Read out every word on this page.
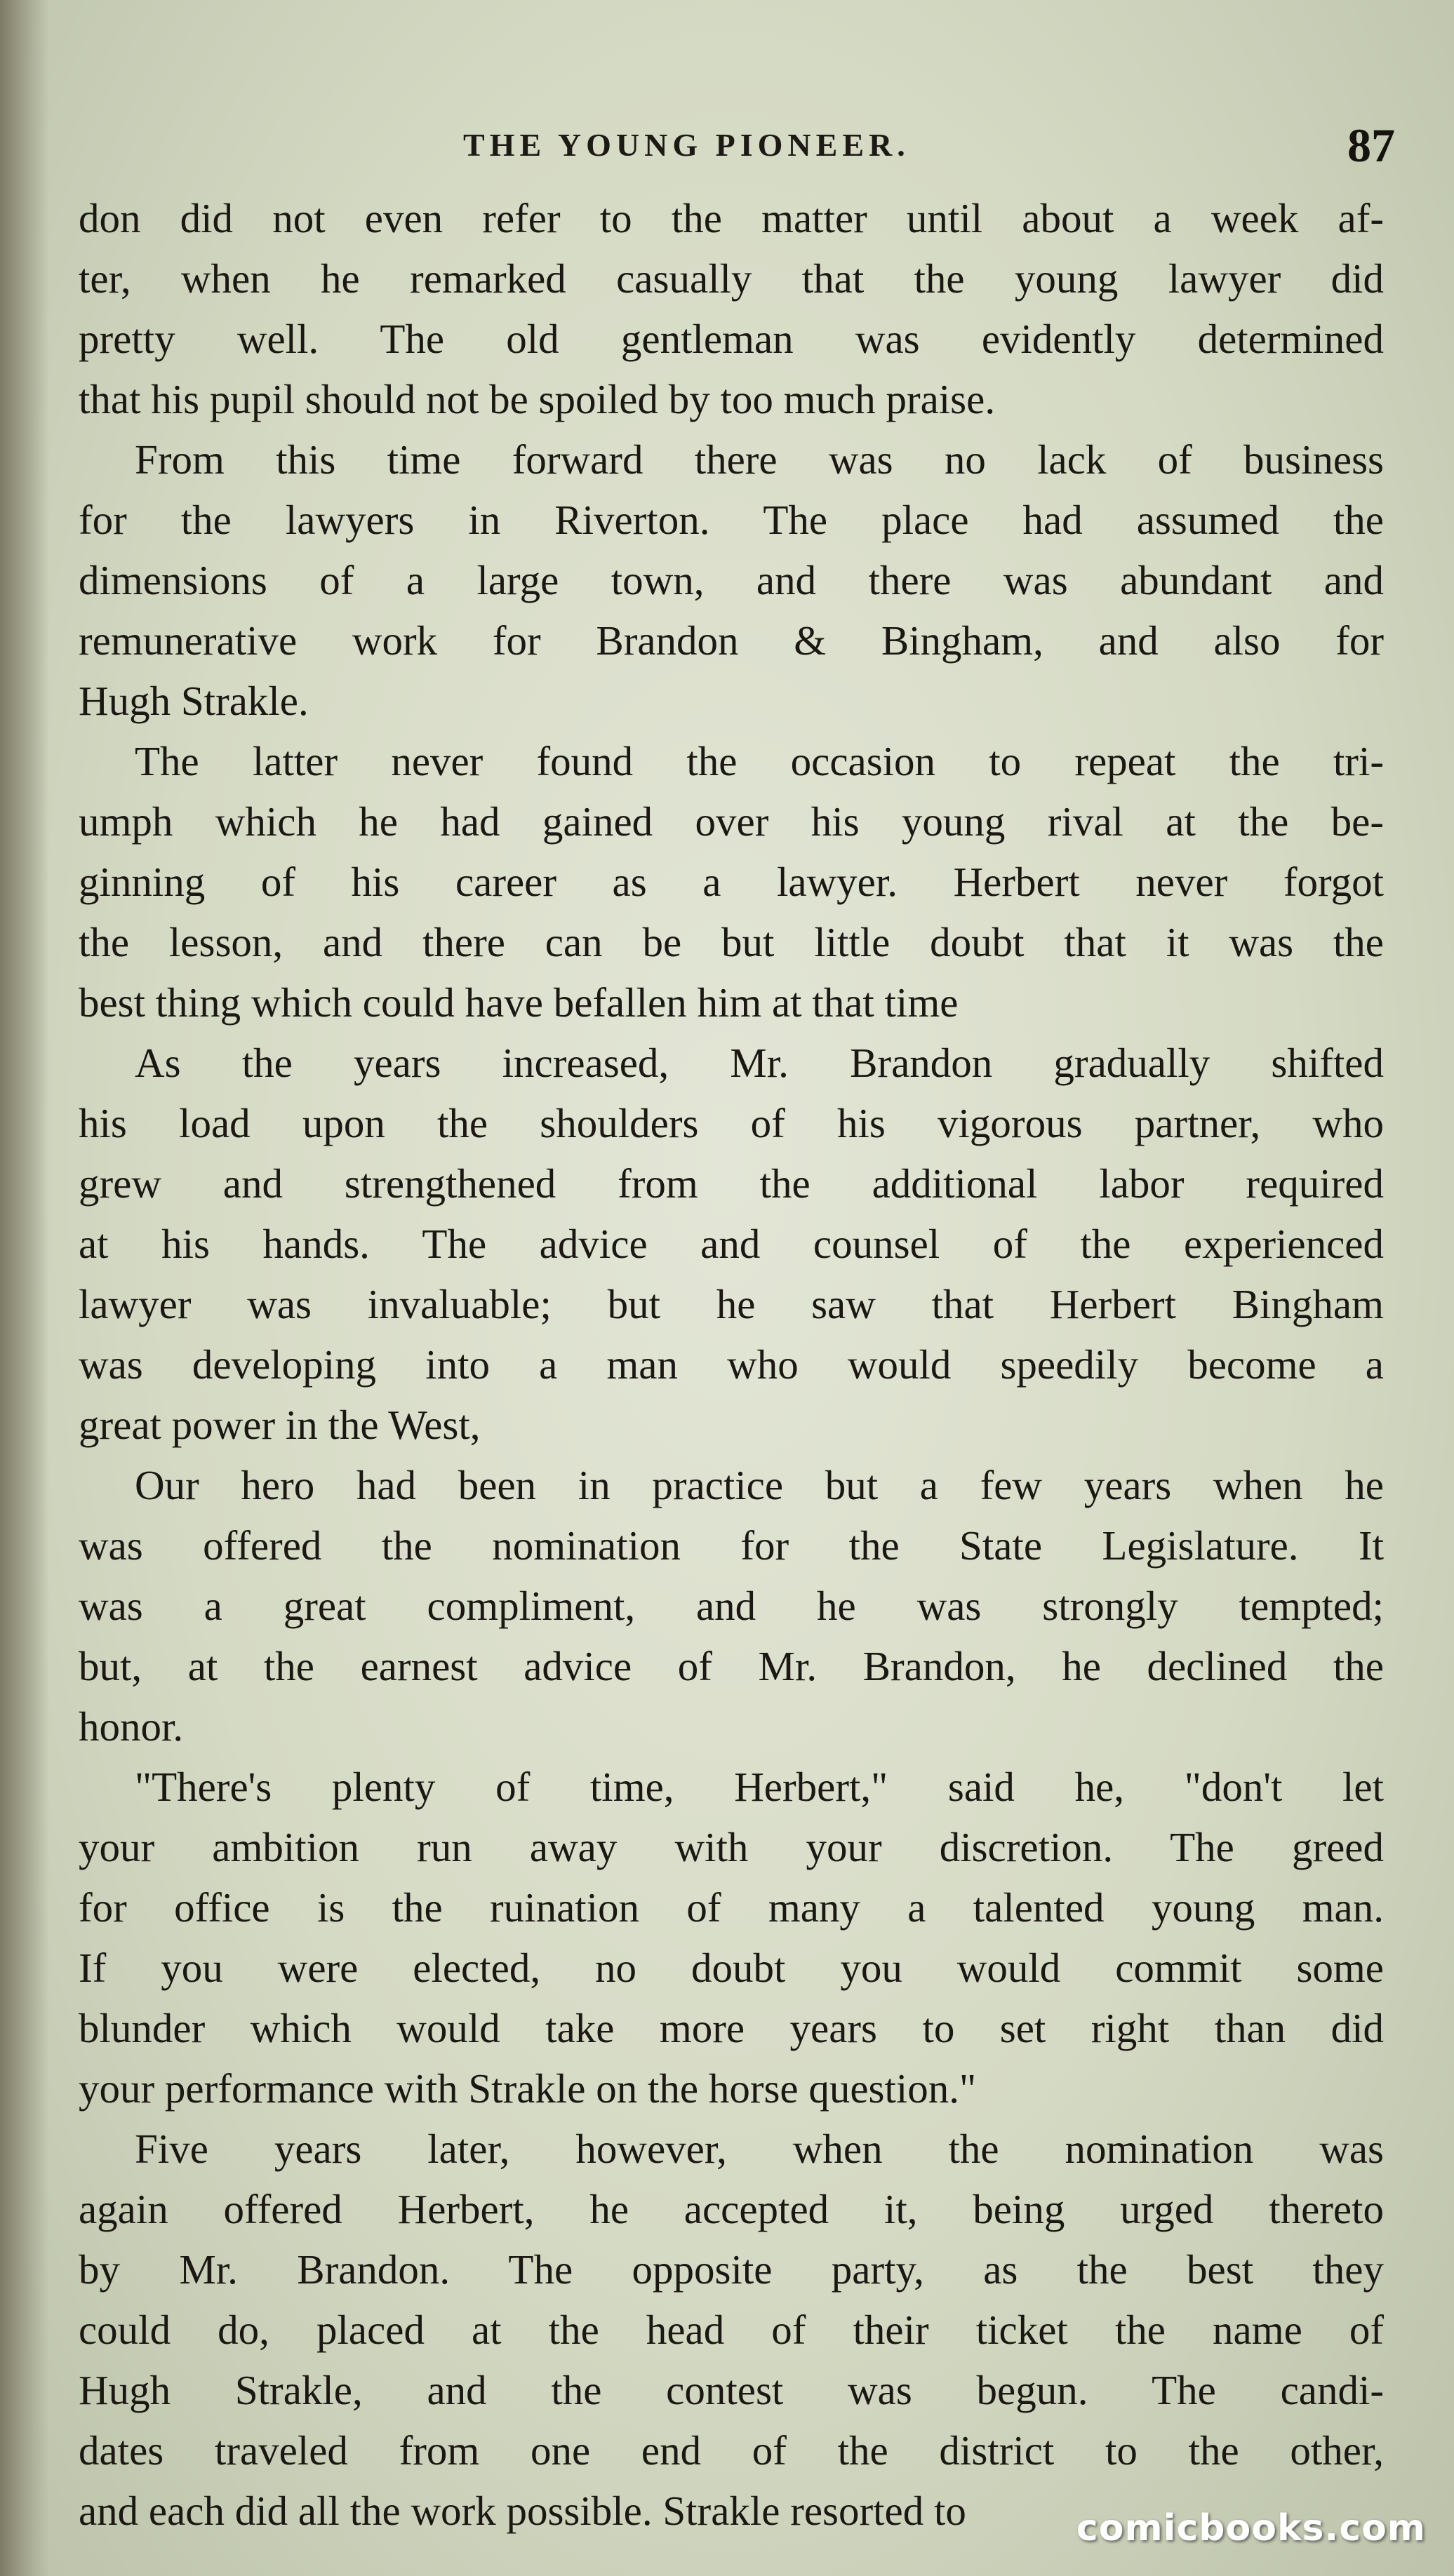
THE YOUNG PIONEER.	87
don did not even refer to the matter until about a week af-
ter, when he remarked casually that the young lawyer did
pretty well. The old gentleman was evidently determined
that his pupil should not be spoiled by too much praise.
From this time forward there was no lack of business
for the lawyers in Riverton. The place had assumed the
dimensions of a large town, and there was abundant and
remunerative work for Brandon & Bingham, and also for
Hugh Strakle.
The latter never found the occasion to repeat the tri-
umph which he had gained over his young rival at the be-
ginning of his career as a lawyer. Herbert never forgot
the lesson, and there can be but little doubt that it was the
best thing which could have befallen him at that time
As the years increased, Mr. Brandon gradually shifted
his load upon the shoulders of his vigorous partner, who
grew and strengthened from the additional labor required
at his hands. The advice and counsel of the experienced
lawyer was invaluable; but he saw that Herbert Bingham
was developing into a man who would speedily become a
great power in the West,
Our hero had been in practice but a few years when he
was offered the nomination for the State Legislature. It
was a great compliment, and he was strongly tempted;
but, at the earnest advice of Mr. Brandon, he declined the
honor.
"There's plenty of time, Herbert," said he, "don't let
your ambition run away with your discretion. The greed
for office is the ruination of many a talented young man.
If you were elected, no doubt you would commit some
blunder which would take more years to set right than did
your performance with Strakle on the horse question."
Five years later, however, when the nomination was
again offered Herbert, he accepted it, being urged thereto
by Mr. Brandon. The opposite party, as the best they
could do, placed at the head of their ticket the name of
Hugh Strakle, and the contest was begun. The candi-
dates traveled from one end of the district to the other,
and each did all the work possible. Strakle resorted to	comicbooks.com
